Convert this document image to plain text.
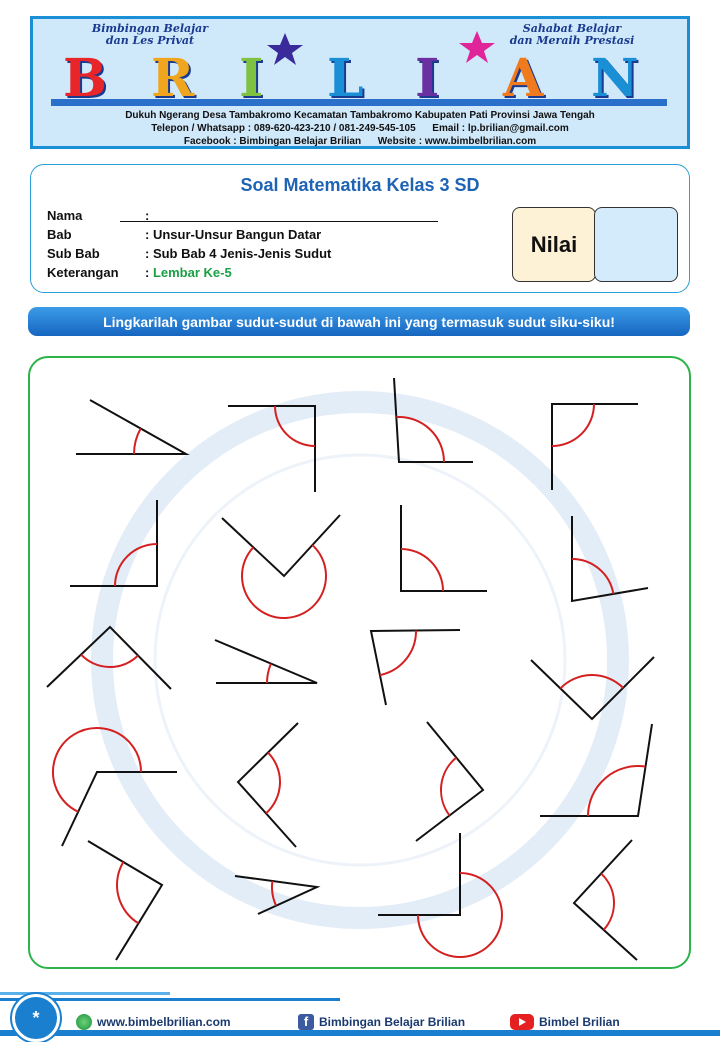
Bimbingan Belajar
dan Les Privat
Sahabat Belajar
dan Meraih Prestasi
B R I L I A N
Dukuh Ngerang Desa Tambakromo Kecamatan Tambakromo Kabupaten Pati Provinsi Jawa Tengah
Telepon / Whatsapp : 089-620-423-210 / 081-249-545-105      Email : lp.brilian@gmail.com
Facebook : Bimbingan Belajar Brilian      Website : www.bimbelbrilian.com
Soal Matematika Kelas 3 SD
Nama	:
Bab	: Unsur-Unsur Bangun Datar
Sub Bab	: Sub Bab 4 Jenis-Jenis Sudut
Keterangan : Lembar Ke-5
Nilai
Lingkarilah gambar sudut-sudut di bawah ini yang termasuk sudut siku-siku!
*	www.bimbelbrilian.com	f Bimbingan Belajar Brilian	Bimbel Brilian
